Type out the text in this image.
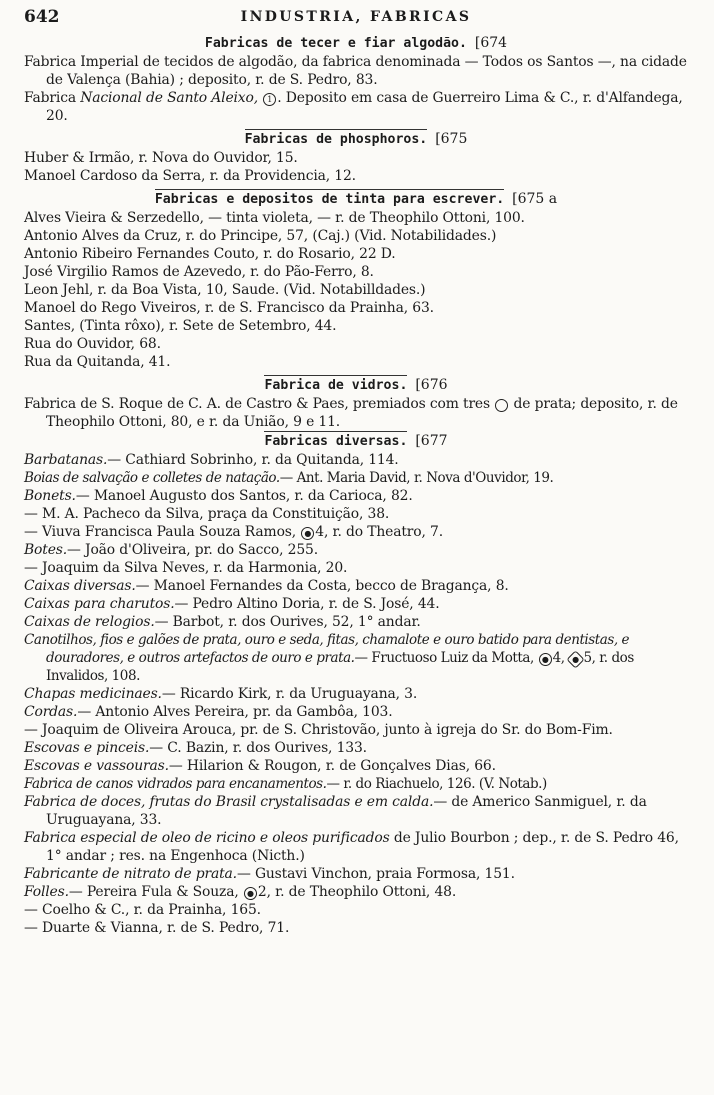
642	INDUSTRIA, FABRICAS
Fabricas de tecer e fiar algodão. [674
Fabrica Imperial de tecidos de algodão, da fabrica denominada — Todos os Santos —, na cidade de Valença (Bahia) ; deposito, r. de S. Pedro, 83.
Fabrica Nacional de Santo Aleixo, 1 . Deposito em casa de Guerreiro Lima & C., r. d'Alfandega, 20.
Fabricas de phosphoros. [675
Huber & Irmão, r. Nova do Ouvidor, 15.
Manoel Cardoso da Serra, r. da Providencia, 12.
Fabricas e depositos de tinta para escrever. [675 a
Alves Vieira & Serzedello, — tinta violeta, — r. de Theophilo Ottoni, 100.
Antonio Alves da Cruz, r. do Principe, 57, (Caj.) (Vid. Notabilidades.)
Antonio Ribeiro Fernandes Couto, r. do Rosario, 22 D.
José Virgilio Ramos de Azevedo, r. do Pão-Ferro, 8.
Leon Jehl, r. da Boa Vista, 10, Saude. (Vid. Notabilldades.)
Manoel do Rego Viveiros, r. de S. Francisco da Prainha, 63.
Santes, (Tinta rôxo), r. Sete de Setembro, 44.
Rua do Ouvidor, 68.
Rua da Quitanda, 41.
Fabrica de vidros. [676
Fabrica de S. Roque de C. A. de Castro & Paes, premiados com tres  de prata; deposito, r. de Theophilo Ottoni, 80, e r. da União, 9 e 11.
Fabricas diversas. [677
Barbatanas.— Cathiard Sobrinho, r. da Quitanda, 114.
Boias de salvação e colletes de natação.— Ant. Maria David, r. Nova d'Ouvidor, 19.
Bonets.— Manoel Augusto dos Santos, r. da Carioca, 82.
— M. A. Pacheco da Silva, praça da Constituição, 38.
— Viuva Francisca Paula Souza Ramos, ● 4, r. do Theatro, 7.
Botes.— João d'Oliveira, pr. do Sacco, 255.
— Joaquim da Silva Neves, r. da Harmonia, 20.
Caixas diversas.— Manoel Fernandes da Costa, becco de Bragança, 8.
Caixas para charutos.— Pedro Altino Doria, r. de S. José, 44.
Caixas de relogios.— Barbot, r. dos Ourives, 52, 1° andar.
Canotilhos, fios e galões de prata, ouro e seda, fitas, chamalote e ouro batido para dentistas, e douradores, e outros artefactos de ouro e prata.— Fructuoso Luiz da Motta, ● 4, ● 5, r. dos Invalidos, 108.
Chapas medicinaes.— Ricardo Kirk, r. da Uruguayana, 3.
Cordas.— Antonio Alves Pereira, pr. da Gambôa, 103.
— Joaquim de Oliveira Arouca, pr. de S. Christovão, junto à igreja do Sr. do Bom-Fim.
Escovas e pinceis.— C. Bazin, r. dos Ourives, 133.
Escovas e vassouras.— Hilarion & Rougon, r. de Gonçalves Dias, 66.
Fabrica de canos vidrados para encanamentos.— r. do Riachuelo, 126. (V. Notab.)
Fabrica de doces, frutas do Brasil crystalisadas e em calda.— de Americo Sanmiguel, r. da Uruguayana, 33.
Fabrica especial de oleo de ricino e oleos purificados de Julio Bourbon ; dep., r. de S. Pedro 46, 1° andar ; res. na Engenhoca (Nicth.)
Fabricante de nitrato de prata.— Gustavi Vinchon, praia Formosa, 151.
Folles.— Pereira Fula & Souza, ● 2, r. de Theophilo Ottoni, 48.
— Coelho & C., r. da Prainha, 165.
— Duarte & Vianna, r. de S. Pedro, 71.
